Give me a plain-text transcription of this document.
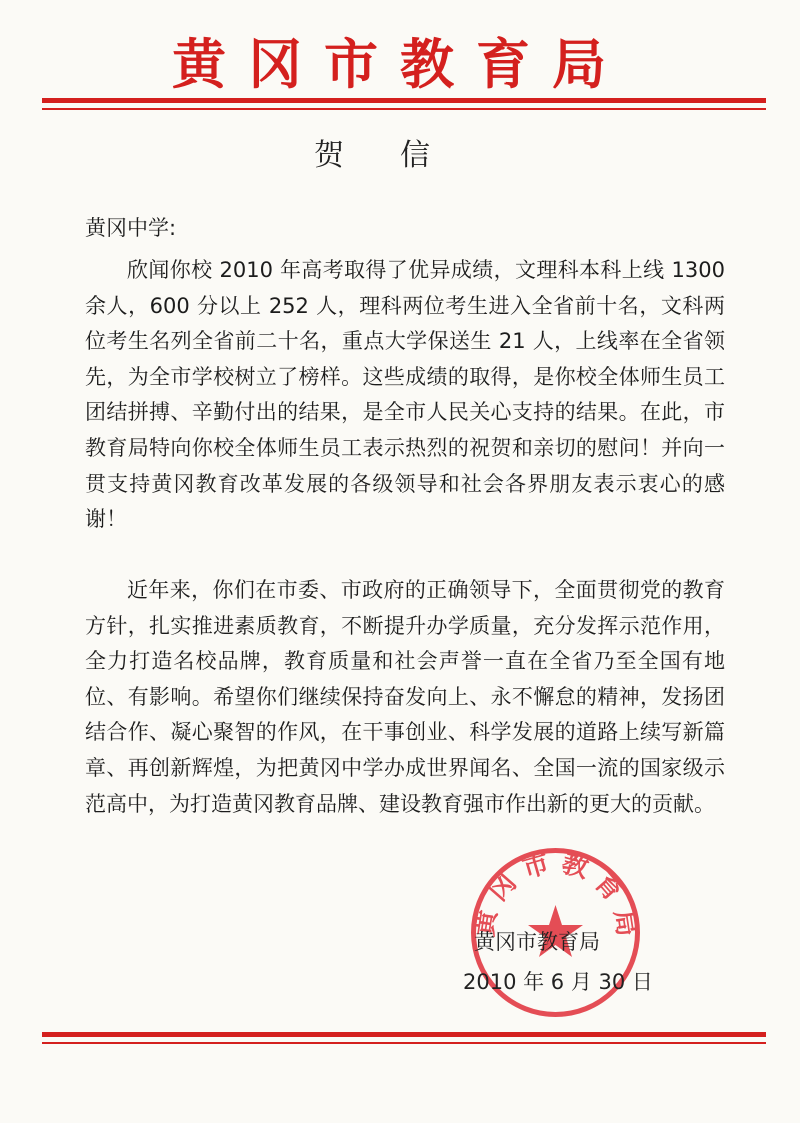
黄冈市教育局
贺信
黄冈中学:

欣闻你校 2010 年高考取得了优异成绩，文理科本科上线 1300 余人，600 分以上 252 人，理科两位考生进入全省前十名，文科两位考生名列全省前二十名，重点大学保送生 21 人，上线率在全省领先，为全市学校树立了榜样。这些成绩的取得，是你校全体师生员工团结拼搏、辛勤付出的结果，是全市人民关心支持的结果。在此，市教育局特向你校全体师生员工表示热烈的祝贺和亲切的慰问！并向一贯支持黄冈教育改革发展的各级领导和社会各界朋友表示衷心的感谢！

近年来，你们在市委、市政府的正确领导下，全面贯彻党的教育方针，扎实推进素质教育，不断提升办学质量，充分发挥示范作用，全力打造名校品牌，教育质量和社会声誉一直在全省乃至全国有地位、有影响。希望你们继续保持奋发向上、永不懈怠的精神，发扬团结合作、凝心聚智的作风，在干事创业、科学发展的道路上续写新篇章、再创新辉煌，为把黄冈中学办成世界闻名、全国一流的国家级示范高中，为打造黄冈教育品牌、建设教育强市作出新的更大的贡献。

黄 冈 市 教 育 局
黄冈市教育局
2010 年 6 月 30 日
